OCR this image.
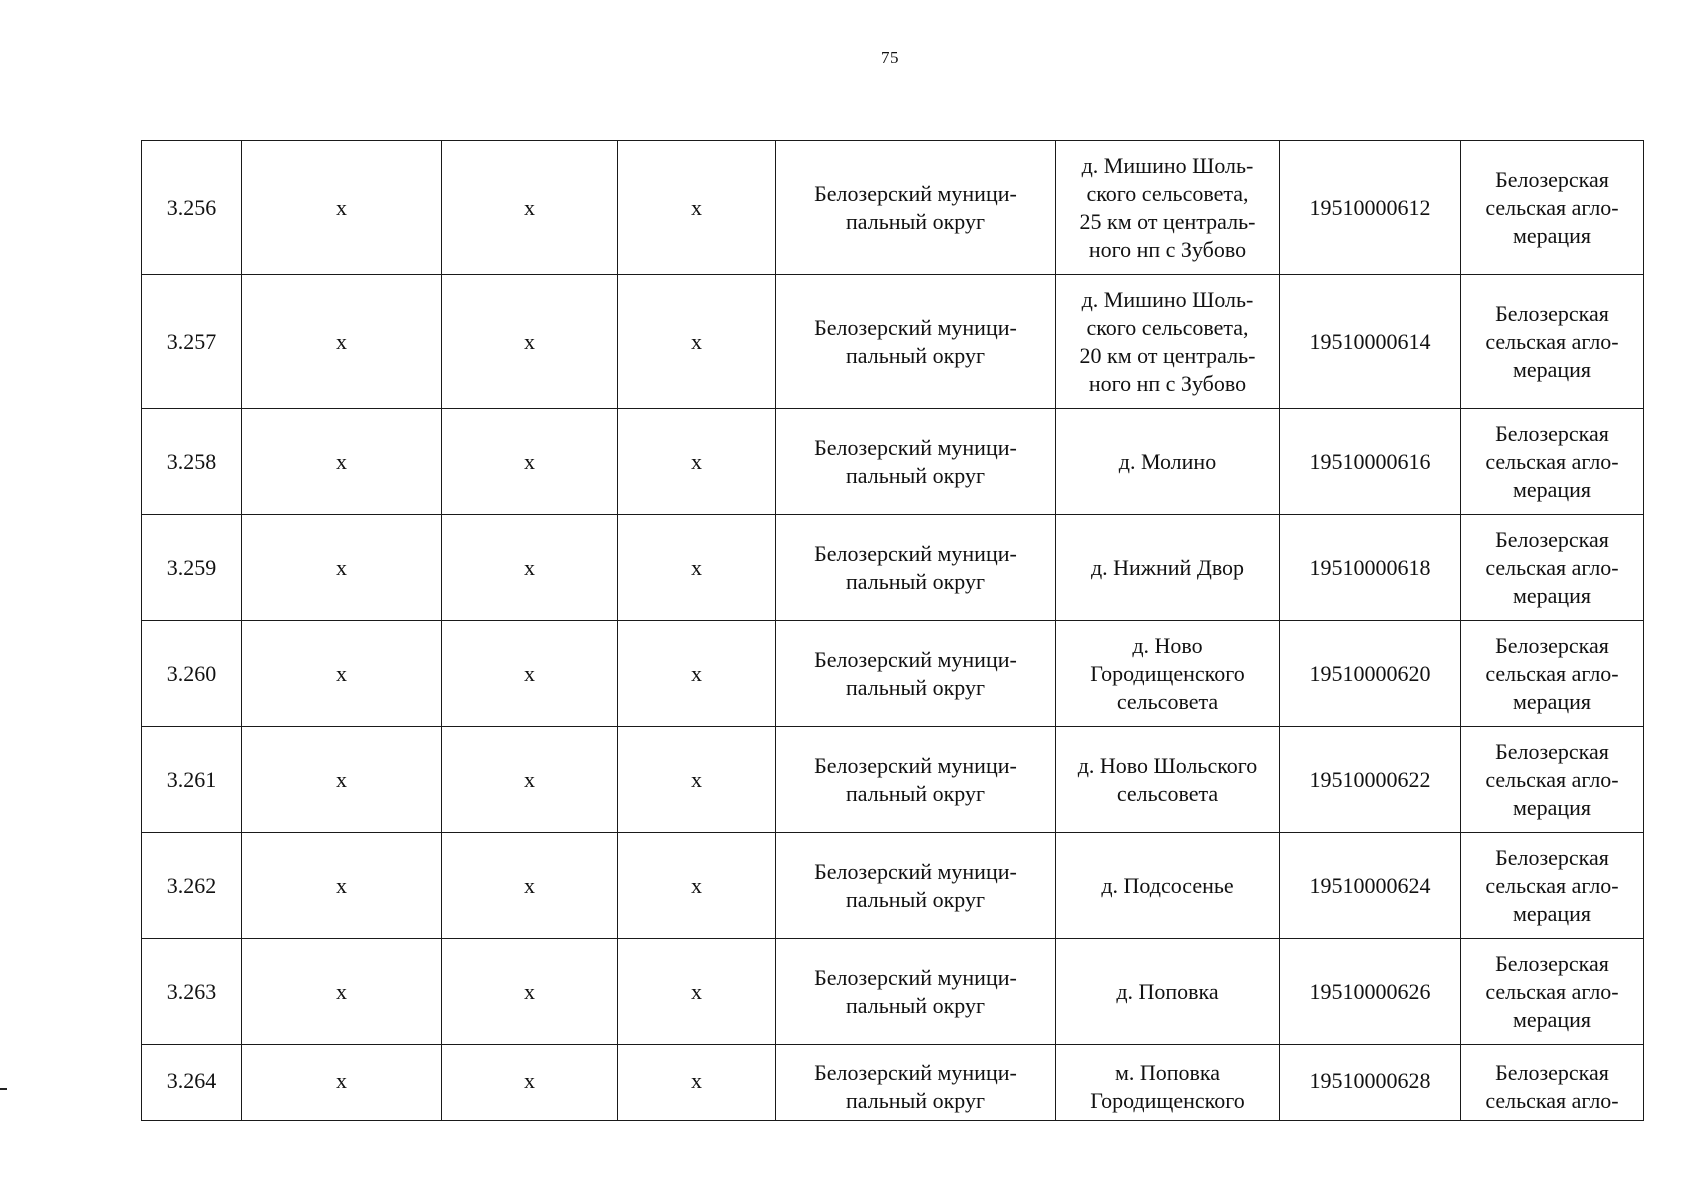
75
3.256	x	x	x	Белозерский муници-
пальный округ	д. Мишино Шоль-
ского сельсовета,
25 км от централь-
ного нп с Зубово	19510000612	Белозерская
сельская агло-
мерация
3.257	x	x	x	Белозерский муници-
пальный округ	д. Мишино Шоль-
ского сельсовета,
20 км от централь-
ного нп с Зубово	19510000614	Белозерская
сельская агло-
мерация
3.258	x	x	x	Белозерский муници-
пальный округ	д. Молино	19510000616	Белозерская
сельская агло-
мерация
3.259	x	x	x	Белозерский муници-
пальный округ	д. Нижний Двор	19510000618	Белозерская
сельская агло-
мерация
3.260	x	x	x	Белозерский муници-
пальный округ	д. Ново
Городищенского
сельсовета	19510000620	Белозерская
сельская агло-
мерация
3.261	x	x	x	Белозерский муници-
пальный округ	д. Ново Шольского
сельсовета	19510000622	Белозерская
сельская агло-
мерация
3.262	x	x	x	Белозерский муници-
пальный округ	д. Подсосенье	19510000624	Белозерская
сельская агло-
мерация
3.263	x	x	x	Белозерский муници-
пальный округ	д. Поповка	19510000626	Белозерская
сельская агло-
мерация
3.264	x	x	x	Белозерский муници-
пальный округ	м. Поповка
Городищенского	19510000628	Белозерская
сельская агло-
